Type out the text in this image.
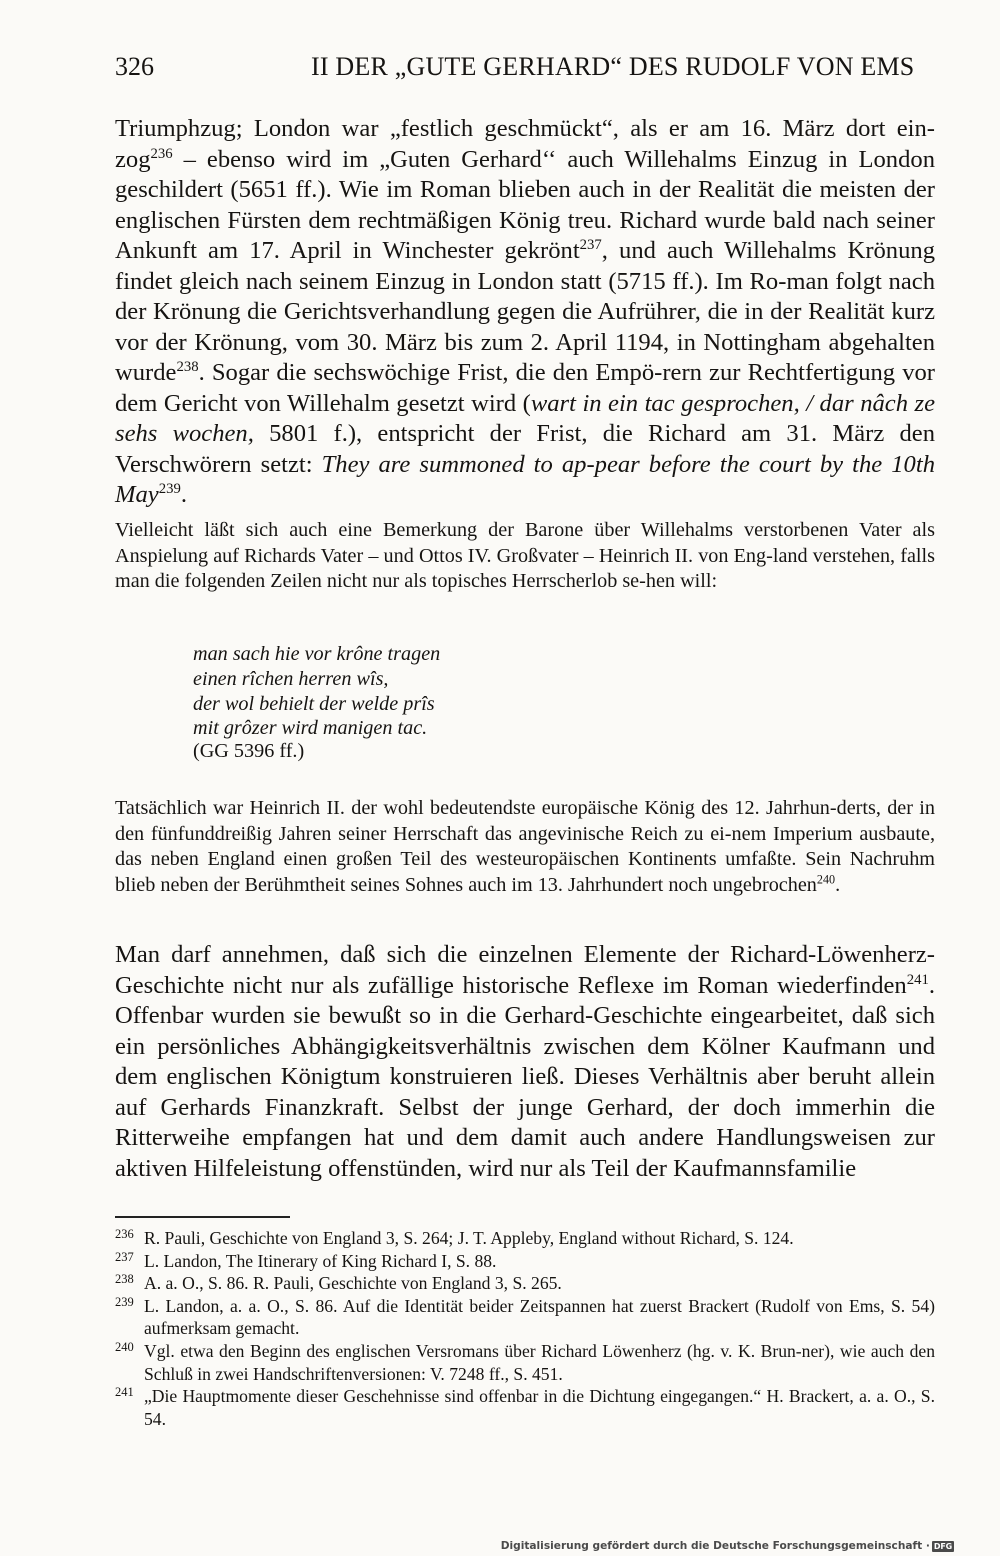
326	II DER „GUTE GERHARD“ DES RUDOLF VON EMS

Triumphzug; London war „festlich geschmückt“, als er am 16. März dort ein-zog$^{236}$ – ebenso wird im „Guten Gerhard‘‘ auch Willehalms Einzug in London geschildert (5651 ff.). Wie im Roman blieben auch in der Realität die meisten der englischen Fürsten dem rechtmäßigen König treu. Richard wurde bald nach seiner Ankunft am 17. April in Winchester gekrönt$^{237}$, und auch Willehalms Krönung findet gleich nach seinem Einzug in London statt (5715 ff.). Im Ro-man folgt nach der Krönung die Gerichtsverhandlung gegen die Aufrührer, die in der Realität kurz vor der Krönung, vom 30. März bis zum 2. April 1194, in Nottingham abgehalten wurde$^{238}$. Sogar die sechswöchige Frist, die den Empö-rern zur Rechtfertigung vor dem Gericht von Willehalm gesetzt wird (wart in ein tac gesprochen, / dar nâch ze sehs wochen, 5801 f.), entspricht der Frist, die Richard am 31. März den Verschwörern setzt: They are summoned to ap-pear before the court by the 10th May$^{239}$.

Vielleicht läßt sich auch eine Bemerkung der Barone über Willehalms verstorbenen Vater als Anspielung auf Richards Vater – und Ottos IV. Großvater – Heinrich II. von Eng-land verstehen, falls man die folgenden Zeilen nicht nur als topisches Herrscherlob se-hen will:

man sach hie vor krône tragen
einen rîchen herren wîs,
der wol behielt der welde prîs
mit grôzer wird manigen tac.
(GG 5396 ff.)

Tatsächlich war Heinrich II. der wohl bedeutendste europäische König des 12. Jahrhun-derts, der in den fünfunddreißig Jahren seiner Herrschaft das angevinische Reich zu ei-nem Imperium ausbaute, das neben England einen großen Teil des westeuropäischen Kontinents umfaßte. Sein Nachruhm blieb neben der Berühmtheit seines Sohnes auch im 13. Jahrhundert noch ungebrochen$^{240}$.

Man darf annehmen, daß sich die einzelnen Elemente der Richard-Löwenherz-Geschichte nicht nur als zufällige historische Reflexe im Roman wiederfinden$^{241}$. Offenbar wurden sie bewußt so in die Gerhard-Geschichte eingearbeitet, daß sich ein persönliches Abhängigkeitsverhältnis zwischen dem Kölner Kaufmann und dem englischen Königtum konstruieren ließ. Dieses Verhältnis aber beruht allein auf Gerhards Finanzkraft. Selbst der junge Gerhard, der doch immerhin die Ritterweihe empfangen hat und dem damit auch andere Handlungsweisen zur aktiven Hilfeleistung offenstünden, wird nur als Teil der Kaufmannsfamilie

236 R. Pauli, Geschichte von England 3, S. 264; J. T. Appleby, England without Richard, S. 124.
237 L. Landon, The Itinerary of King Richard I, S. 88.
238 A. a. O., S. 86. R. Pauli, Geschichte von England 3, S. 265.
239 L. Landon, a. a. O., S. 86. Auf die Identität beider Zeitspannen hat zuerst Brackert (Rudolf von Ems, S. 54) aufmerksam gemacht.
240 Vgl. etwa den Beginn des englischen Versromans über Richard Löwenherz (hg. v. K. Brun-ner), wie auch den Schluß in zwei Handschriftenversionen: V. 7248 ff., S. 451.
241 „Die Hauptmomente dieser Geschehnisse sind offenbar in die Dichtung eingegangen.“ H. Brackert, a. a. O., S. 54.
Digitalisierung gefördert durch die Deutsche Forschungsgemeinschaft · DFG
